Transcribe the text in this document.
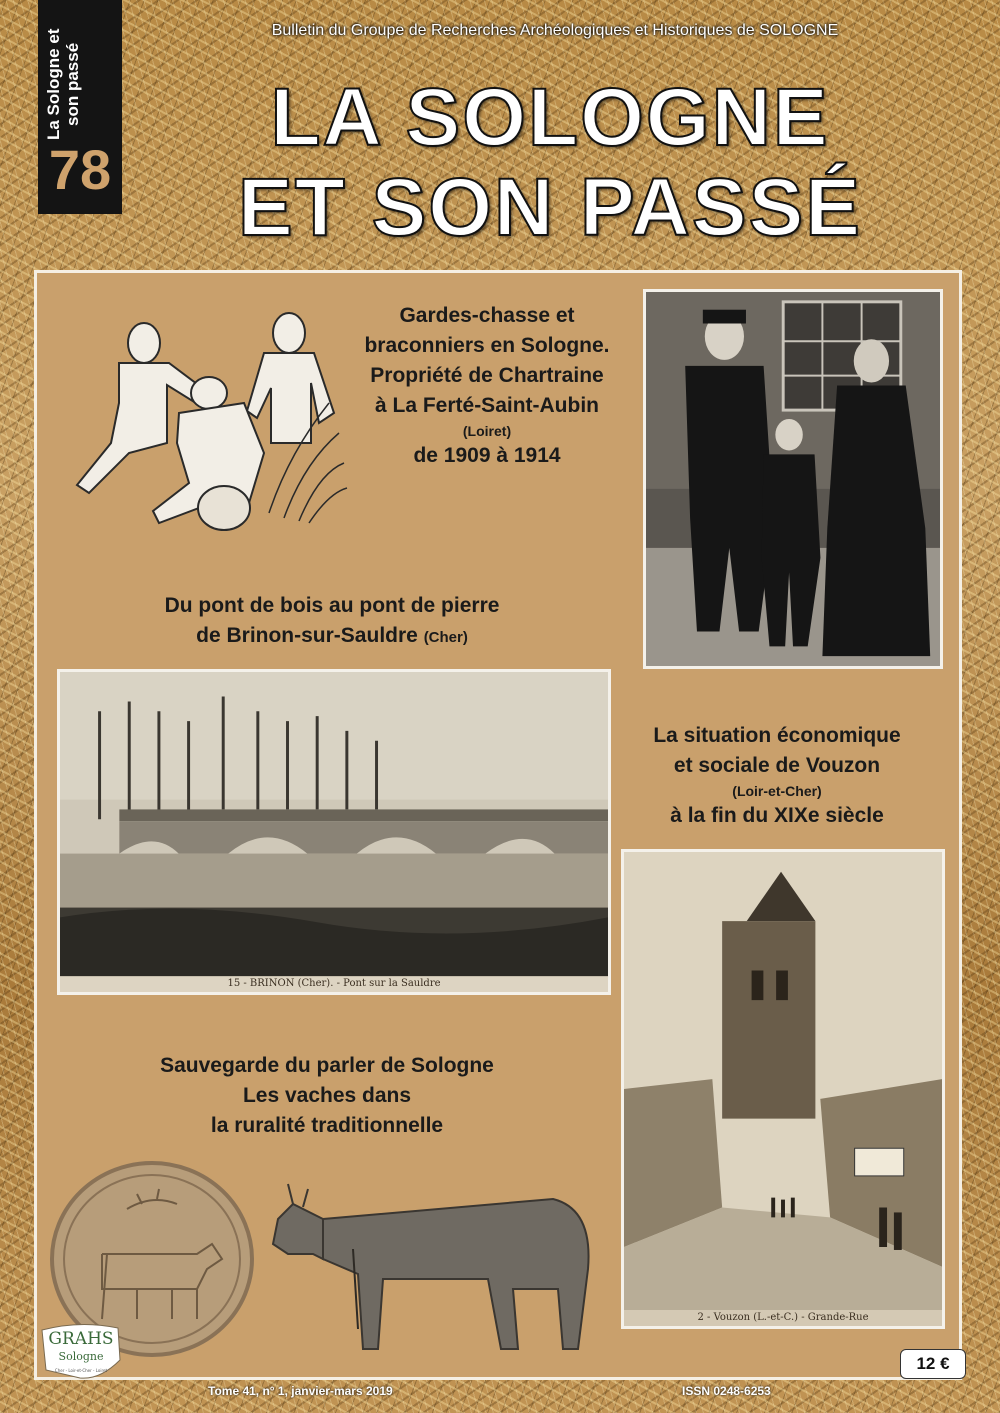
La Sologne et son passé
78
Bulletin du Groupe de Recherches Archéologiques et Historiques de SOLOGNE
LA SOLOGNE
ET SON PASSÉ
Gardes-chasse et
braconniers en Sologne.
Propriété de Chartraine
à La Ferté-Saint-Aubin
(Loiret)
de 1909 à 1914
Du pont de bois au pont de pierre
de Brinon-sur-Sauldre (Cher)
15 - BRINON (Cher). - Pont sur la Sauldre
La situation économique
et sociale de Vouzon
(Loir-et-Cher)
à la fin du XIXe siècle
2 - Vouzon (L.-et-C.) - Grande-Rue
Sauvegarde du parler de Sologne
Les vaches dans
la ruralité traditionnelle
GRAHS
Sologne
Cher - Loir-et-Cher - Loiret
Tome 41, n° 1, janvier-mars 2019	ISSN 0248-6253
12 €
